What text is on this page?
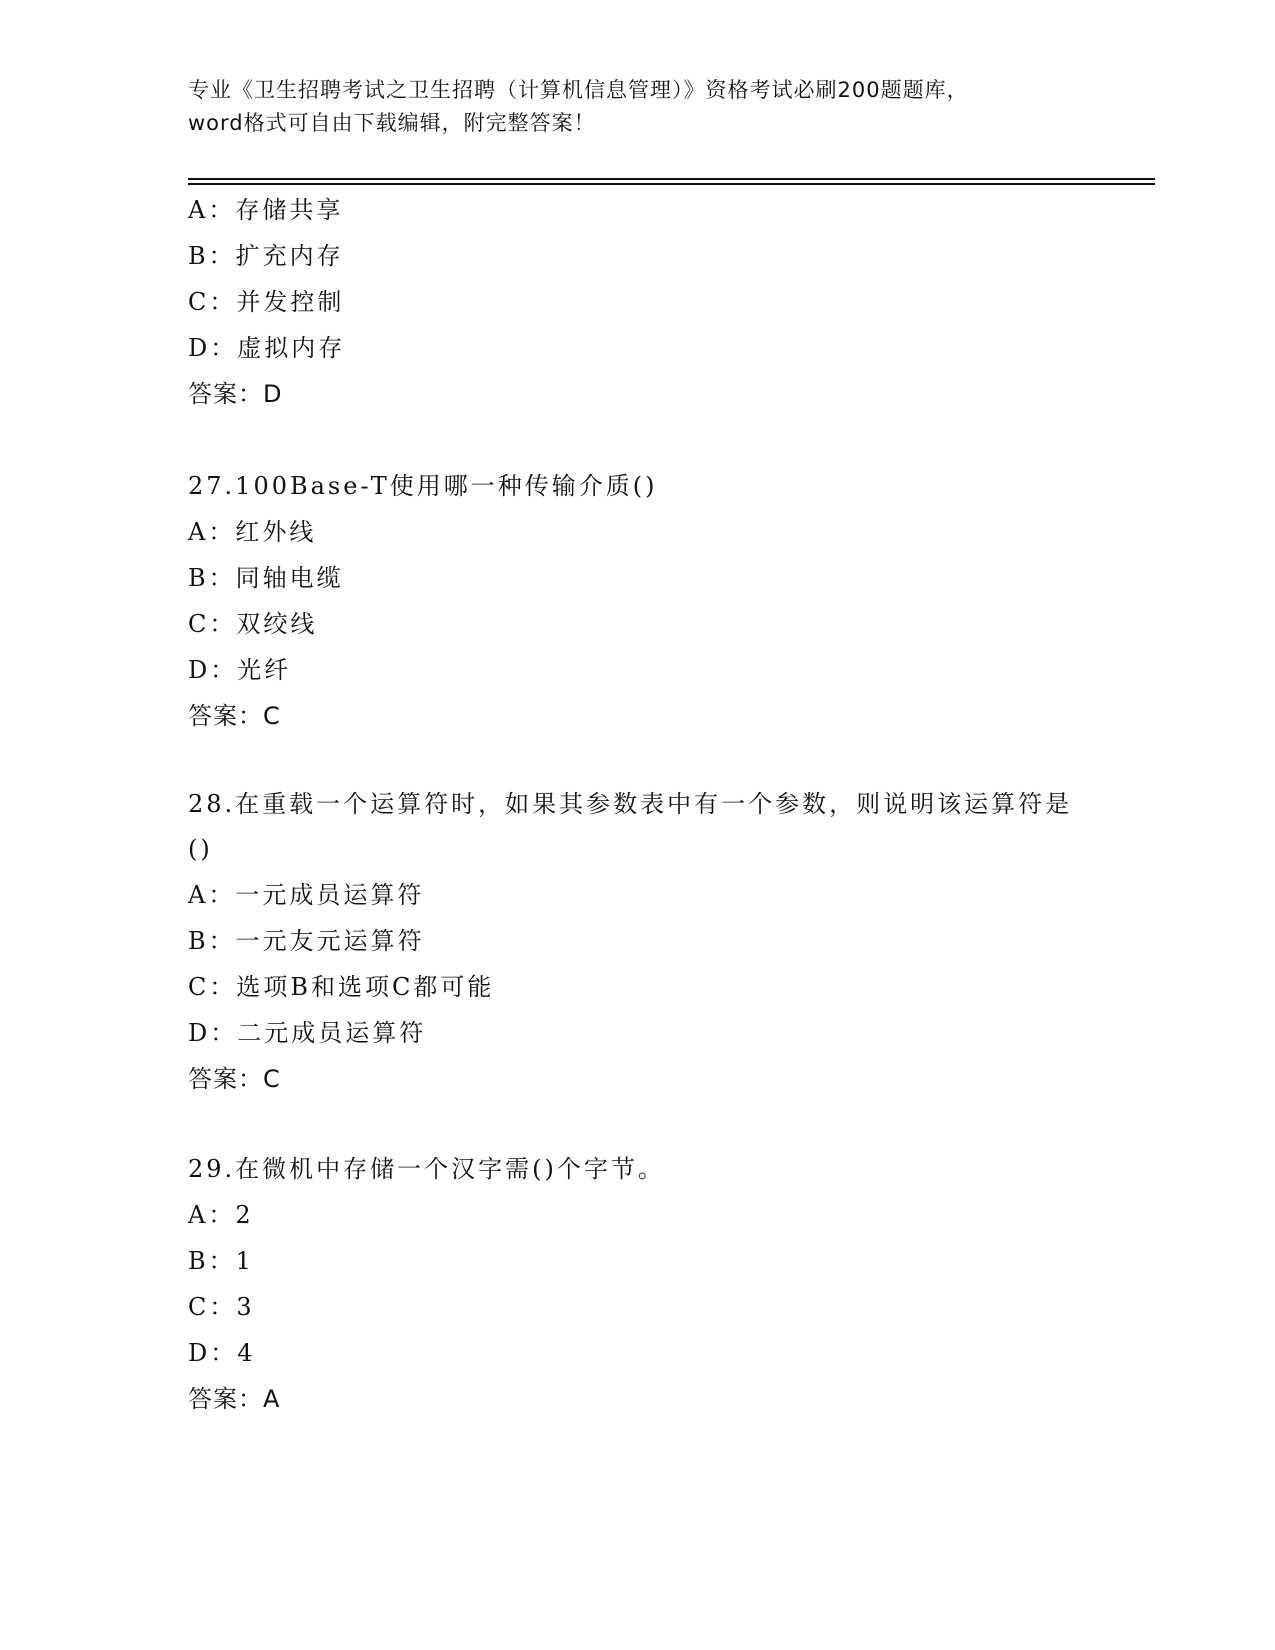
专业《卫生招聘考试之卫生招聘（计算机信息管理）》资格考试必刷200题题库，
word格式可自由下载编辑，附完整答案！
A：存储共享
B：扩充内存
C：并发控制
D：虚拟内存
答案：D
27.100Base-T使用哪一种传输介质()
A：红外线
B：同轴电缆
C：双绞线
D：光纤
答案：C
28.在重载一个运算符时，如果其参数表中有一个参数，则说明该运算符是()
A：一元成员运算符
B：一元友元运算符
C：选项B和选项C都可能
D：二元成员运算符
答案：C
29.在微机中存储一个汉字需()个字节。
A：2
B：1
C：3
D：4
答案：A
